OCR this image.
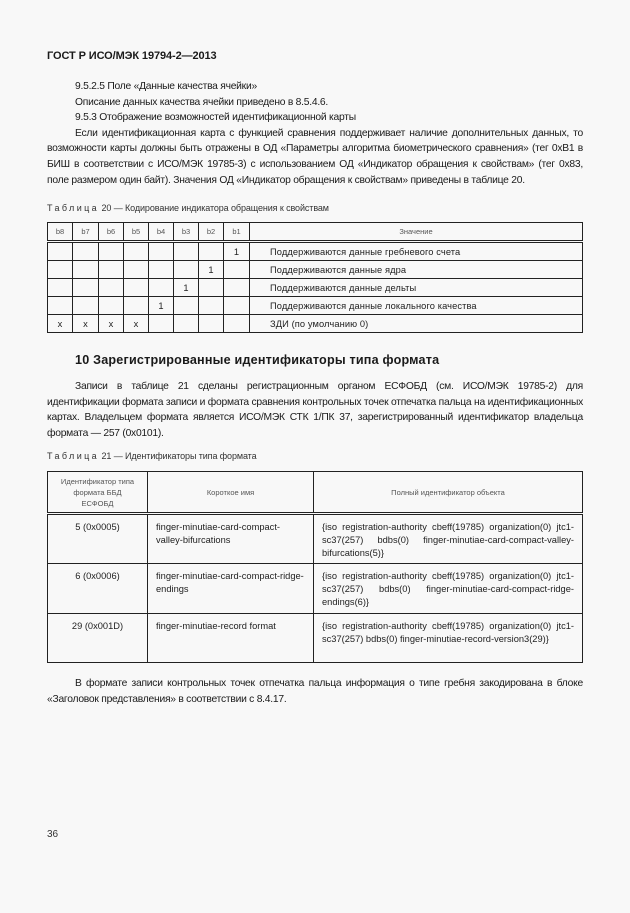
ГОСТ Р ИСО/МЭК 19794-2—2013
9.5.2.5 Поле «Данные качества ячейки»
Описание данных качества ячейки приведено в 8.5.4.6.
9.5.3 Отображение возможностей идентификационной карты
Если идентификационная карта с функцией сравнения поддерживает наличие дополнительных данных, то возможности карты должны быть отражены в ОД «Параметры алгоритма биометрического сравнения» (тег 0xB1 в БИШ в соответствии с ИСО/МЭК 19785-3) с использованием ОД «Индикатор обращения к свойствам» (тег 0x83, поле размером один байт). Значения ОД «Индикатор обращения к свойствам» приведены в таблице 20.
Таблица 20 — Кодирование индикатора обращения к свойствам
b8	b7	b6	b5	b4	b3	b2	b1	Значение
							1	Поддерживаются данные гребневого счета
						1		Поддерживаются данные ядра
					1			Поддерживаются данные дельты
				1				Поддерживаются данные локального качества
x	x	x	x					ЗДИ (по умолчанию 0)
10 Зарегистрированные идентификаторы типа формата
Записи в таблице 21 сделаны регистрационным органом ЕСФОБД (см. ИСО/МЭК 19785-2) для идентификации формата записи и формата сравнения контрольных точек отпечатка пальца на идентификационных картах. Владельцем формата является ИСО/МЭК СТК 1/ПК 37, зарегистрированный идентификатор владельца формата — 257 (0x0101).
Таблица 21 — Идентификаторы типа формата
Идентификатор типа формата ББД ЕСФОБД	Короткое имя	Полный идентификатор объекта
5 (0x0005)	finger-minutiae-card-compact-valley-bifurcations	{iso registration-authority cbeff(19785) organization(0) jtc1-sc37(257) bdbs(0) finger-minutiae-card-compact-valley-bifurcations(5)}
6 (0x0006)	finger-minutiae-card-compact-ridge-endings	{iso registration-authority cbeff(19785) organization(0) jtc1-sc37(257) bdbs(0) finger-minutiae-card-compact-ridge-endings(6)}
29 (0x001D)	finger-minutiae-record format	{iso registration-authority cbeff(19785) organization(0) jtc1-sc37(257) bdbs(0) finger-minutiae-record-version3(29)}
В формате записи контрольных точек отпечатка пальца информация о типе гребня закодирована в блоке «Заголовок представления» в соответствии с 8.4.17.
36
